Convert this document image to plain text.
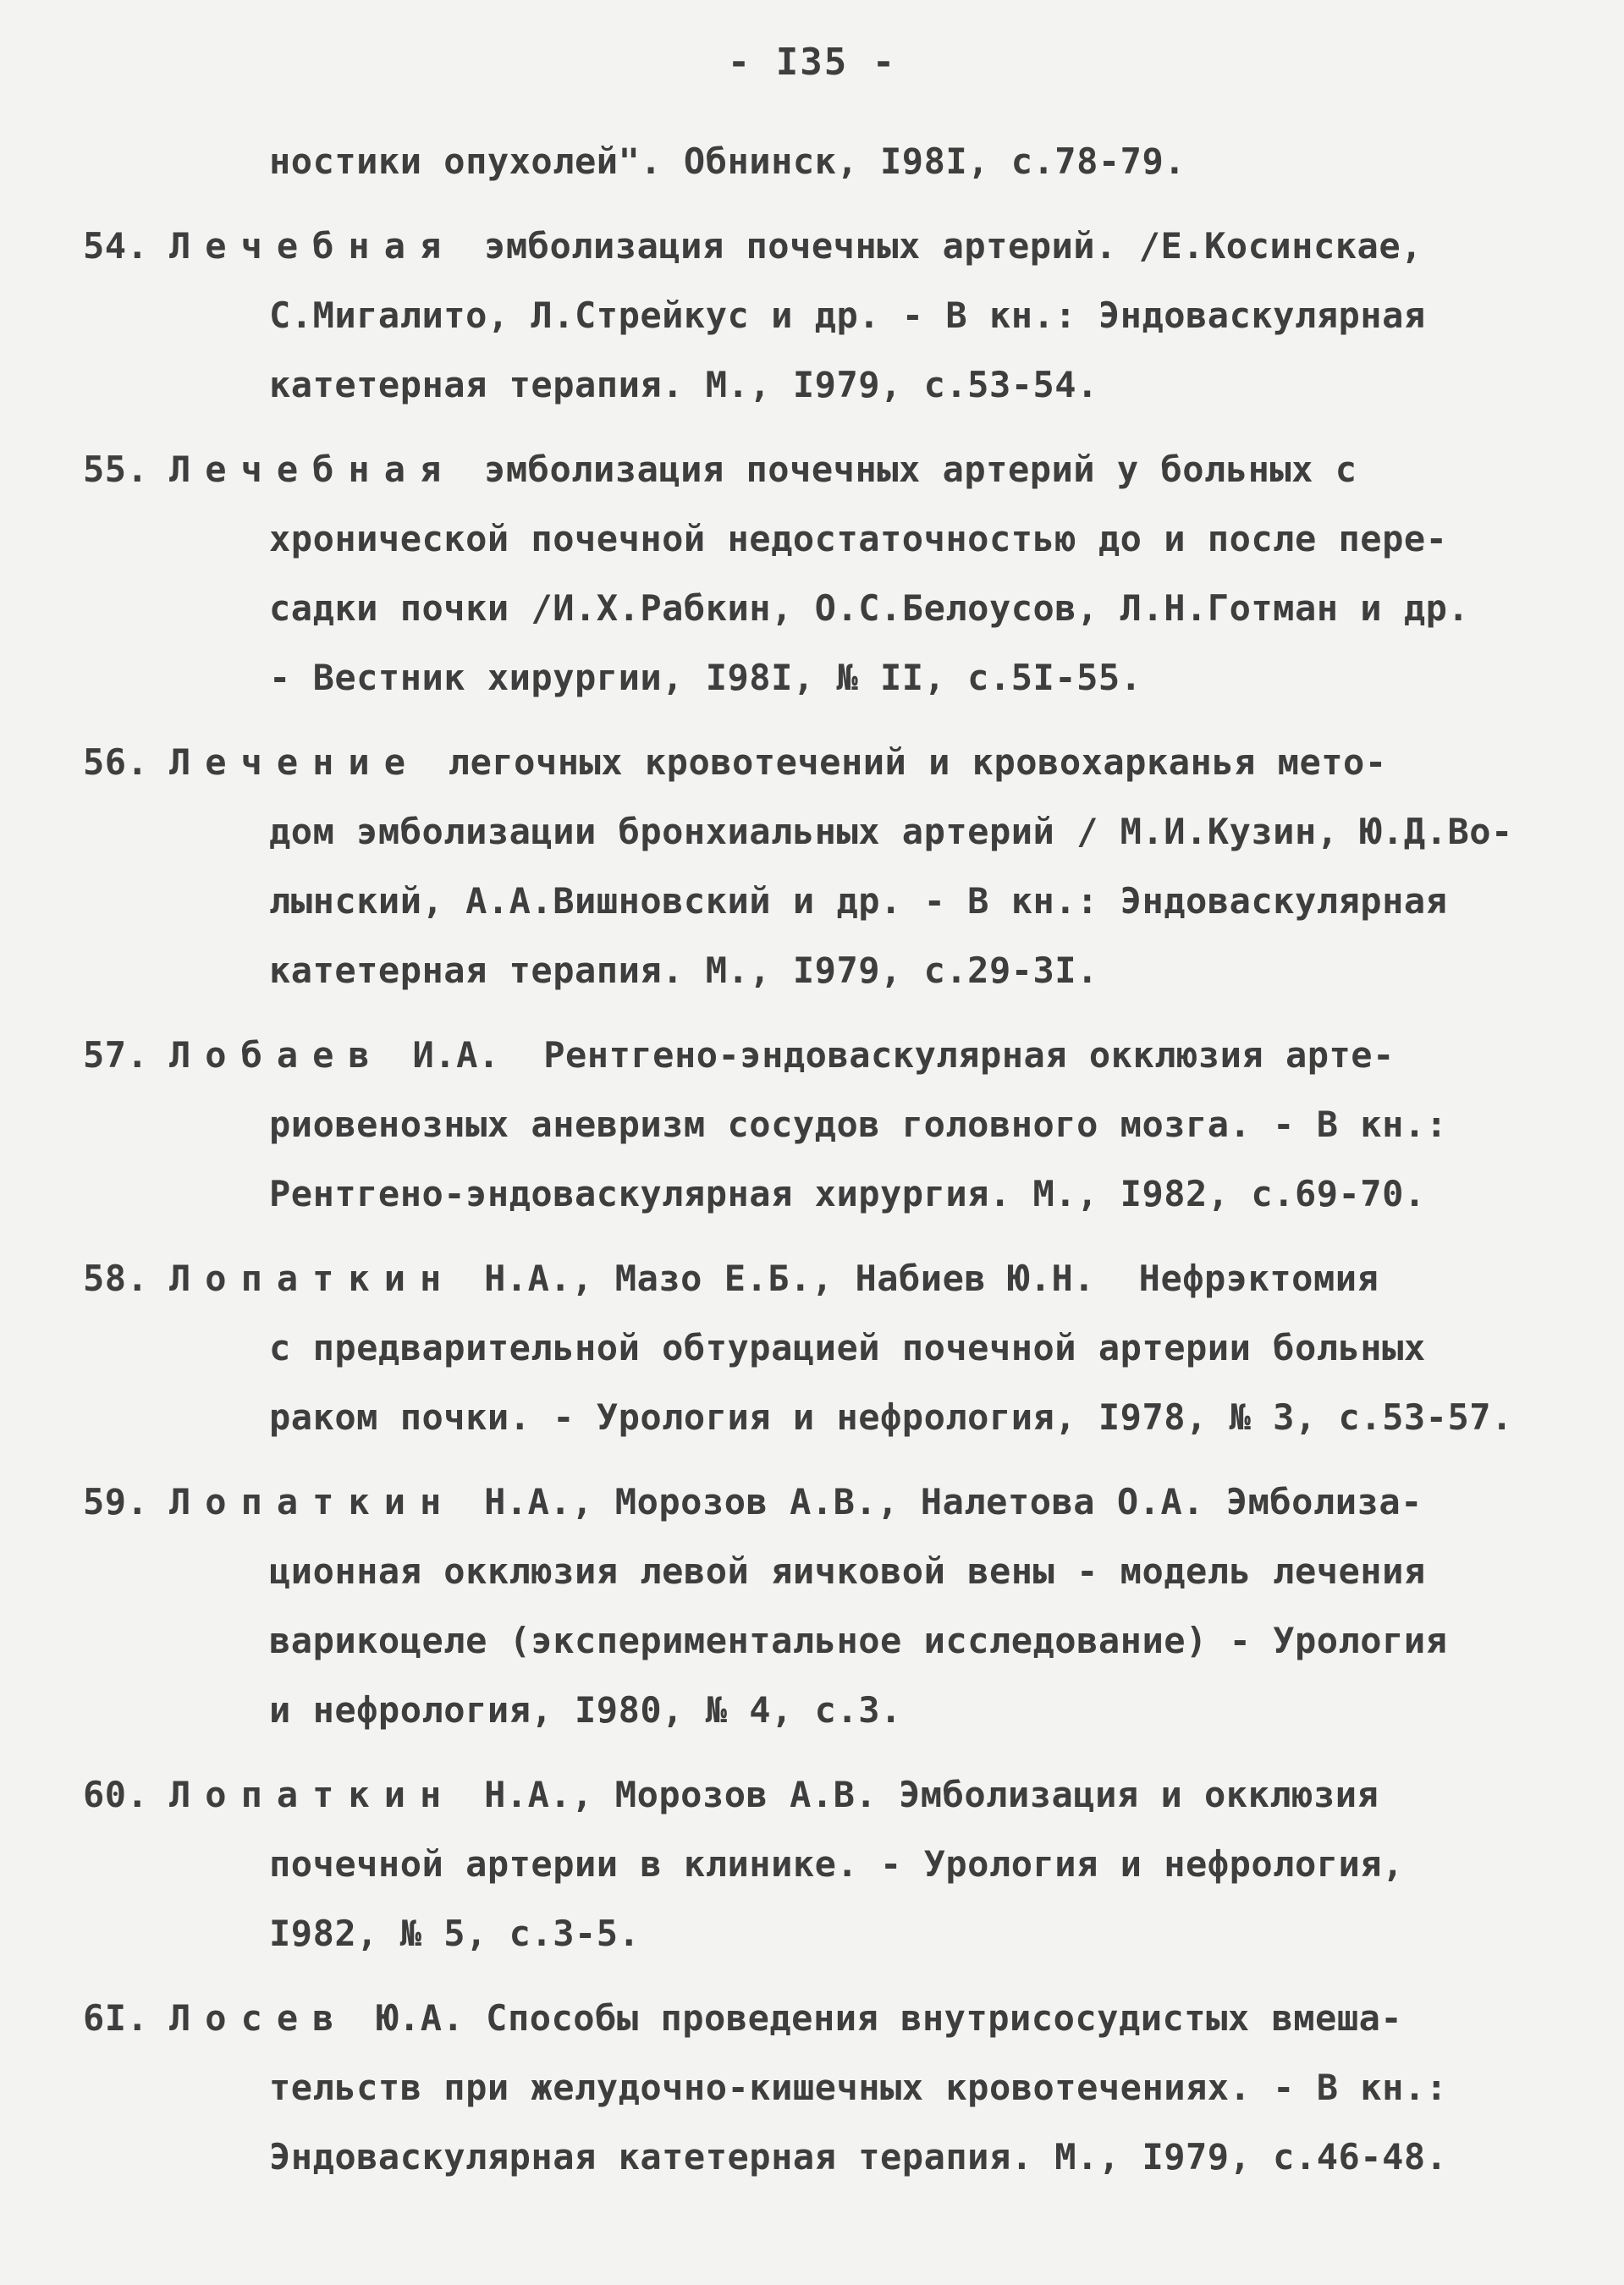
- I35 -
ностики опухолей". Обнинск, I98I, с.78-79.
54. Лечебная эмболизация почечных артерий. /Е.Косинскае,
С.Мигалито, Л.Стрейкус и др. - В кн.: Эндоваскулярная
катетерная терапия. М., I979, с.53-54.
55. Лечебная эмболизация почечных артерий у больных с
хронической почечной недостаточностью до и после пере-
садки почки /И.Х.Рабкин, О.С.Белоусов, Л.Н.Готман и др.
- Вестник хирургии, I98I, № II, с.5I-55.
56. Лечение легочных кровотечений и кровохарканья мето-
дом эмболизации бронхиальных артерий / М.И.Кузин, Ю.Д.Во-
лынский, А.А.Вишновский и др. - В кн.: Эндоваскулярная
катетерная терапия. М., I979, с.29-3I.
57. Лобаев И.А.  Рентгено-эндоваскулярная окклюзия арте-
риовенозных аневризм сосудов головного мозга. - В кн.:
Рентгено-эндоваскулярная хирургия. М., I982, с.69-70.
58. Лопаткин Н.А., Мазо Е.Б., Набиев Ю.Н.  Нефрэктомия
с предварительной обтурацией почечной артерии больных
раком почки. - Урология и нефрология, I978, № 3, с.53-57.
59. Лопаткин Н.А., Морозов А.В., Налетова О.А. Эмболиза-
ционная окклюзия левой яичковой вены - модель лечения
варикоцеле (экспериментальное исследование) - Урология
и нефрология, I980, № 4, с.3.
60. Лопаткин Н.А., Морозов А.В. Эмболизация и окклюзия
почечной артерии в клинике. - Урология и нефрология,
I982, № 5, с.3-5.
6I. Лосев Ю.А. Способы проведения внутрисосудистых вмеша-
тельств при желудочно-кишечных кровотечениях. - В кн.:
Эндоваскулярная катетерная терапия. М., I979, с.46-48.
